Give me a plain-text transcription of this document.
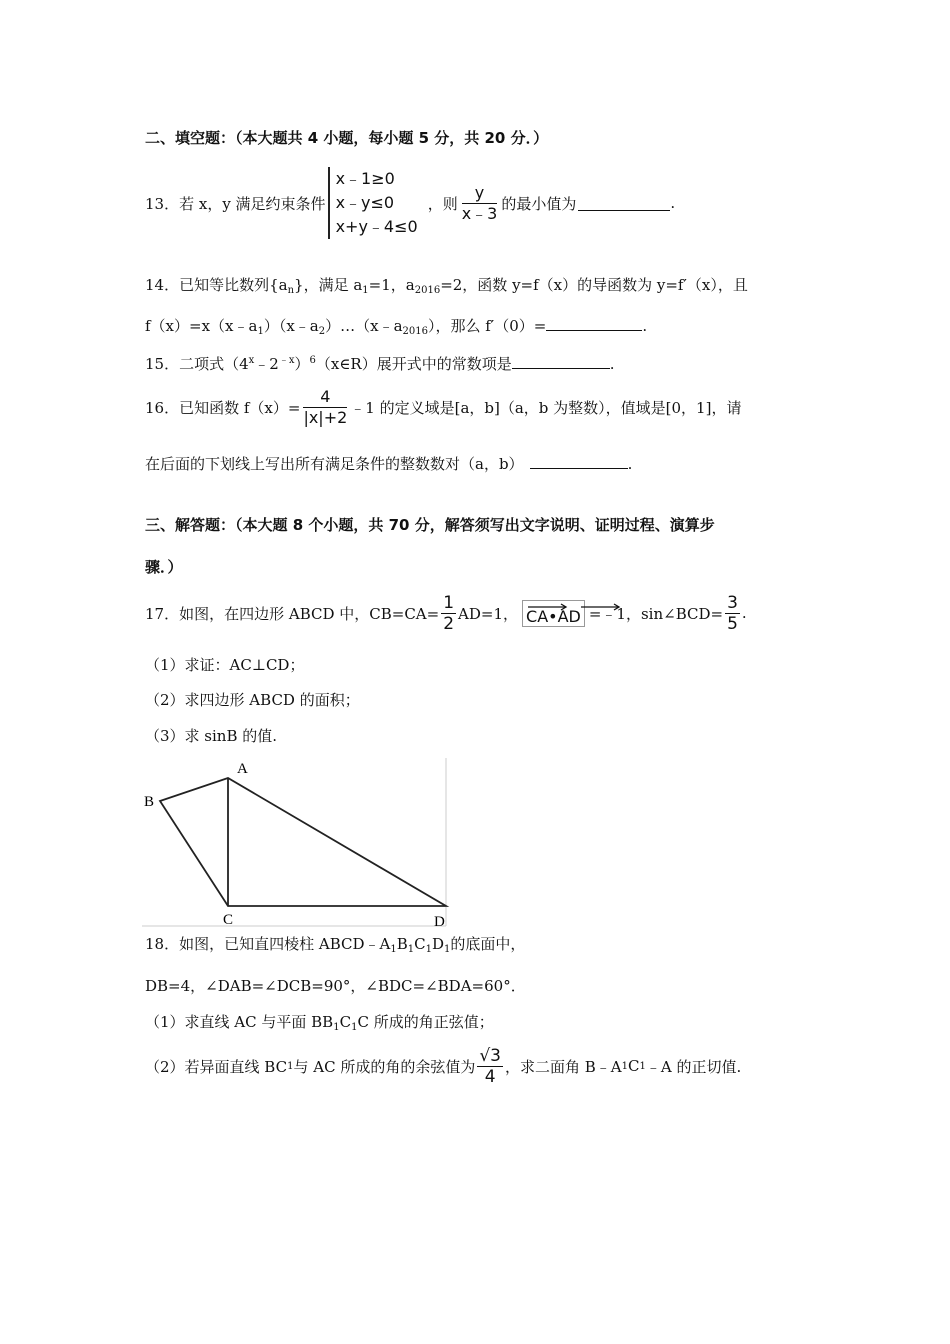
二、填空题：（本大题共 4 小题，每小题 5 分，共 20 分．）
13．若 x，y 满足约束条件
x﹣1≥0
x﹣y≤0
x+y﹣4≤0
，则 $\frac{y}{x﹣3}$ 的最小值为	.
14．已知等比数列$\{a_n\}$，满足 $a_1=1$，$a_{2016}=2$，函数 y=f（x）的导函数为 y=f′（x），且
$f(x)=x(x﹣a_1)(x﹣a_2)\dots(x﹣a_{2016})$，那么 f′（0）=	.
15．二项式$(4^x﹣2^{﹣x})^6(x\in R)$展开式中的常数项是	.
16．已知函数 $f(x)= \frac{4}{|x|+2}$ ﹣1 的定义域是[a，b]（a，b 为整数），值域是[0，1]，请
在后面的下划线上写出所有满足条件的整数数对（a，b）	.
三、解答题：（本大题 8 个小题，共 70 分，解答须写出文字说明、证明过程、演算步
骤．）
17．如图，在四边形 ABCD 中，$CB=CA= \frac{1}{2} AD=1$， CA•AD =﹣1，sin∠BCD= $\frac{3}{5}$ .
（1）求证：AC⊥CD；
（2）求四边形 ABCD 的面积；
（3）求 sinB 的值.
A
B
C	D
18．如图，已知直四棱柱 $ABCD﹣A_1B_1C_1D_1$的底面中，
DB=4，∠DAB=∠DCB=90°，∠BDC=∠BDA=60°．
（1）求直线 AC 与平面 $BB_1C_1C$ 所成的角正弦值；
（2）若异面直线 BC 1 与 AC 所成的角的余弦值为 $\frac{√3}{4}$ ，求二面角 B﹣A 1 C 1 ﹣A 的正切值.
